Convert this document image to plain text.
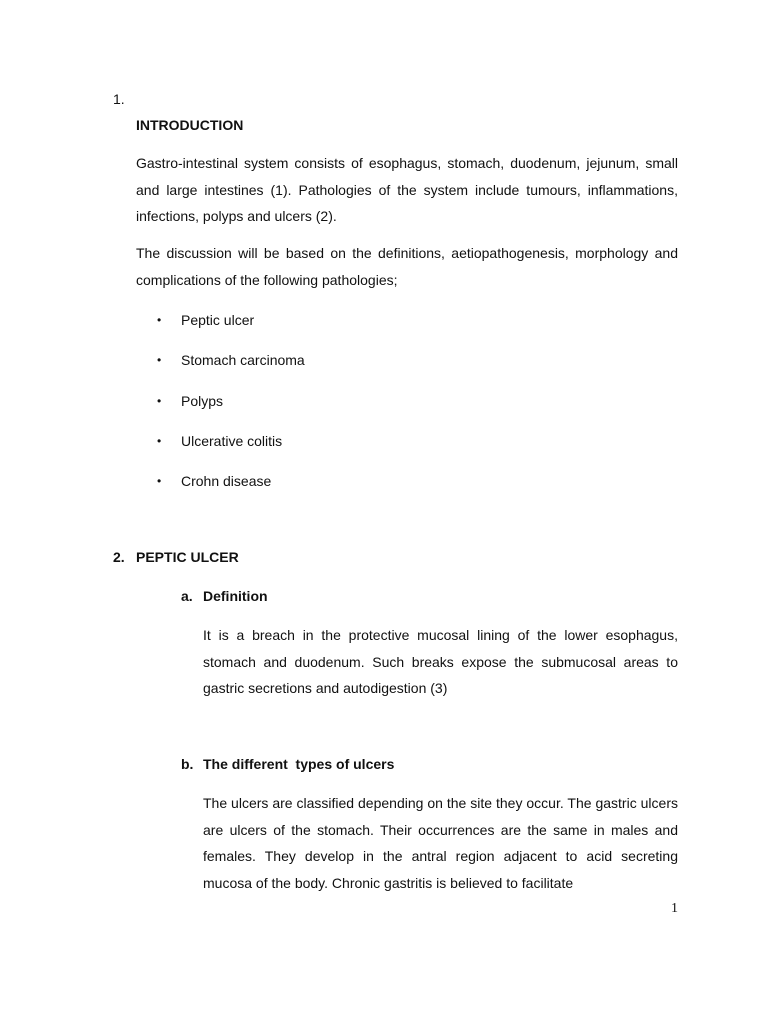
1.
INTRODUCTION
Gastro-intestinal system consists of esophagus, stomach, duodenum, jejunum, small and large intestines (1). Pathologies of the system include tumours, inflammations, infections, polyps and ulcers (2).
The discussion will be based on the definitions, aetiopathogenesis, morphology and complications of the following pathologies;
•	Peptic ulcer
•	Stomach carcinoma
•	Polyps
•	Ulcerative colitis
•	Crohn disease
2. PEPTIC ULCER
a. Definition
It is a breach in the protective mucosal lining of the lower esophagus, stomach and duodenum. Such breaks expose the submucosal areas to gastric secretions and autodigestion (3)
b. The different  types of ulcers
The ulcers are classified depending on the site they occur. The gastric ulcers are ulcers of the stomach. Their occurrences are the same in males and females. They develop in the antral region adjacent to acid secreting mucosa of the body. Chronic gastritis is believed to facilitate
1
